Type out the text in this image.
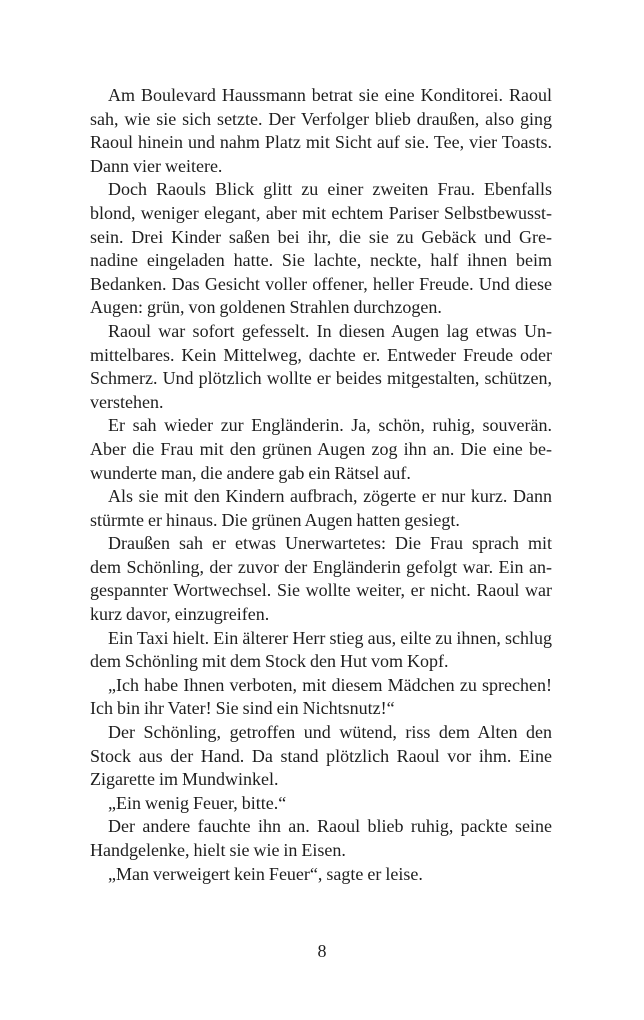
Am Boulevard Haussmann betrat sie eine Konditorei. Raoul
sah, wie sie sich setzte. Der Verfolger blieb draußen, also ging
Raoul hinein und nahm Platz mit Sicht auf sie. Tee, vier Toasts.
Dann vier weitere.
Doch Raouls Blick glitt zu einer zweiten Frau. Ebenfalls
blond, weniger elegant, aber mit echtem Pariser Selbstbewusst-
sein. Drei Kinder saßen bei ihr, die sie zu Gebäck und Gre-
nadine eingeladen hatte. Sie lachte, neckte, half ihnen beim
Bedanken. Das Gesicht voller offener, heller Freude. Und diese
Augen: grün, von goldenen Strahlen durchzogen.
Raoul war sofort gefesselt. In diesen Augen lag etwas Un-
mittelbares. Kein Mittelweg, dachte er. Entweder Freude oder
Schmerz. Und plötzlich wollte er beides mitgestalten, schützen,
verstehen.
Er sah wieder zur Engländerin. Ja, schön, ruhig, souverän.
Aber die Frau mit den grünen Augen zog ihn an. Die eine be-
wunderte man, die andere gab ein Rätsel auf.
Als sie mit den Kindern aufbrach, zögerte er nur kurz. Dann
stürmte er hinaus. Die grünen Augen hatten gesiegt.
Draußen sah er etwas Unerwartetes: Die Frau sprach mit
dem Schönling, der zuvor der Engländerin gefolgt war. Ein an-
gespannter Wortwechsel. Sie wollte weiter, er nicht. Raoul war
kurz davor, einzugreifen.
Ein Taxi hielt. Ein älterer Herr stieg aus, eilte zu ihnen, schlug
dem Schönling mit dem Stock den Hut vom Kopf.
„Ich habe Ihnen verboten, mit diesem Mädchen zu sprechen!
Ich bin ihr Vater! Sie sind ein Nichtsnutz!“
Der Schönling, getroffen und wütend, riss dem Alten den
Stock aus der Hand. Da stand plötzlich Raoul vor ihm. Eine
Zigarette im Mundwinkel.
„Ein wenig Feuer, bitte.“
Der andere fauchte ihn an. Raoul blieb ruhig, packte seine
Handgelenke, hielt sie wie in Eisen.
„Man verweigert kein Feuer“, sagte er leise.
8
